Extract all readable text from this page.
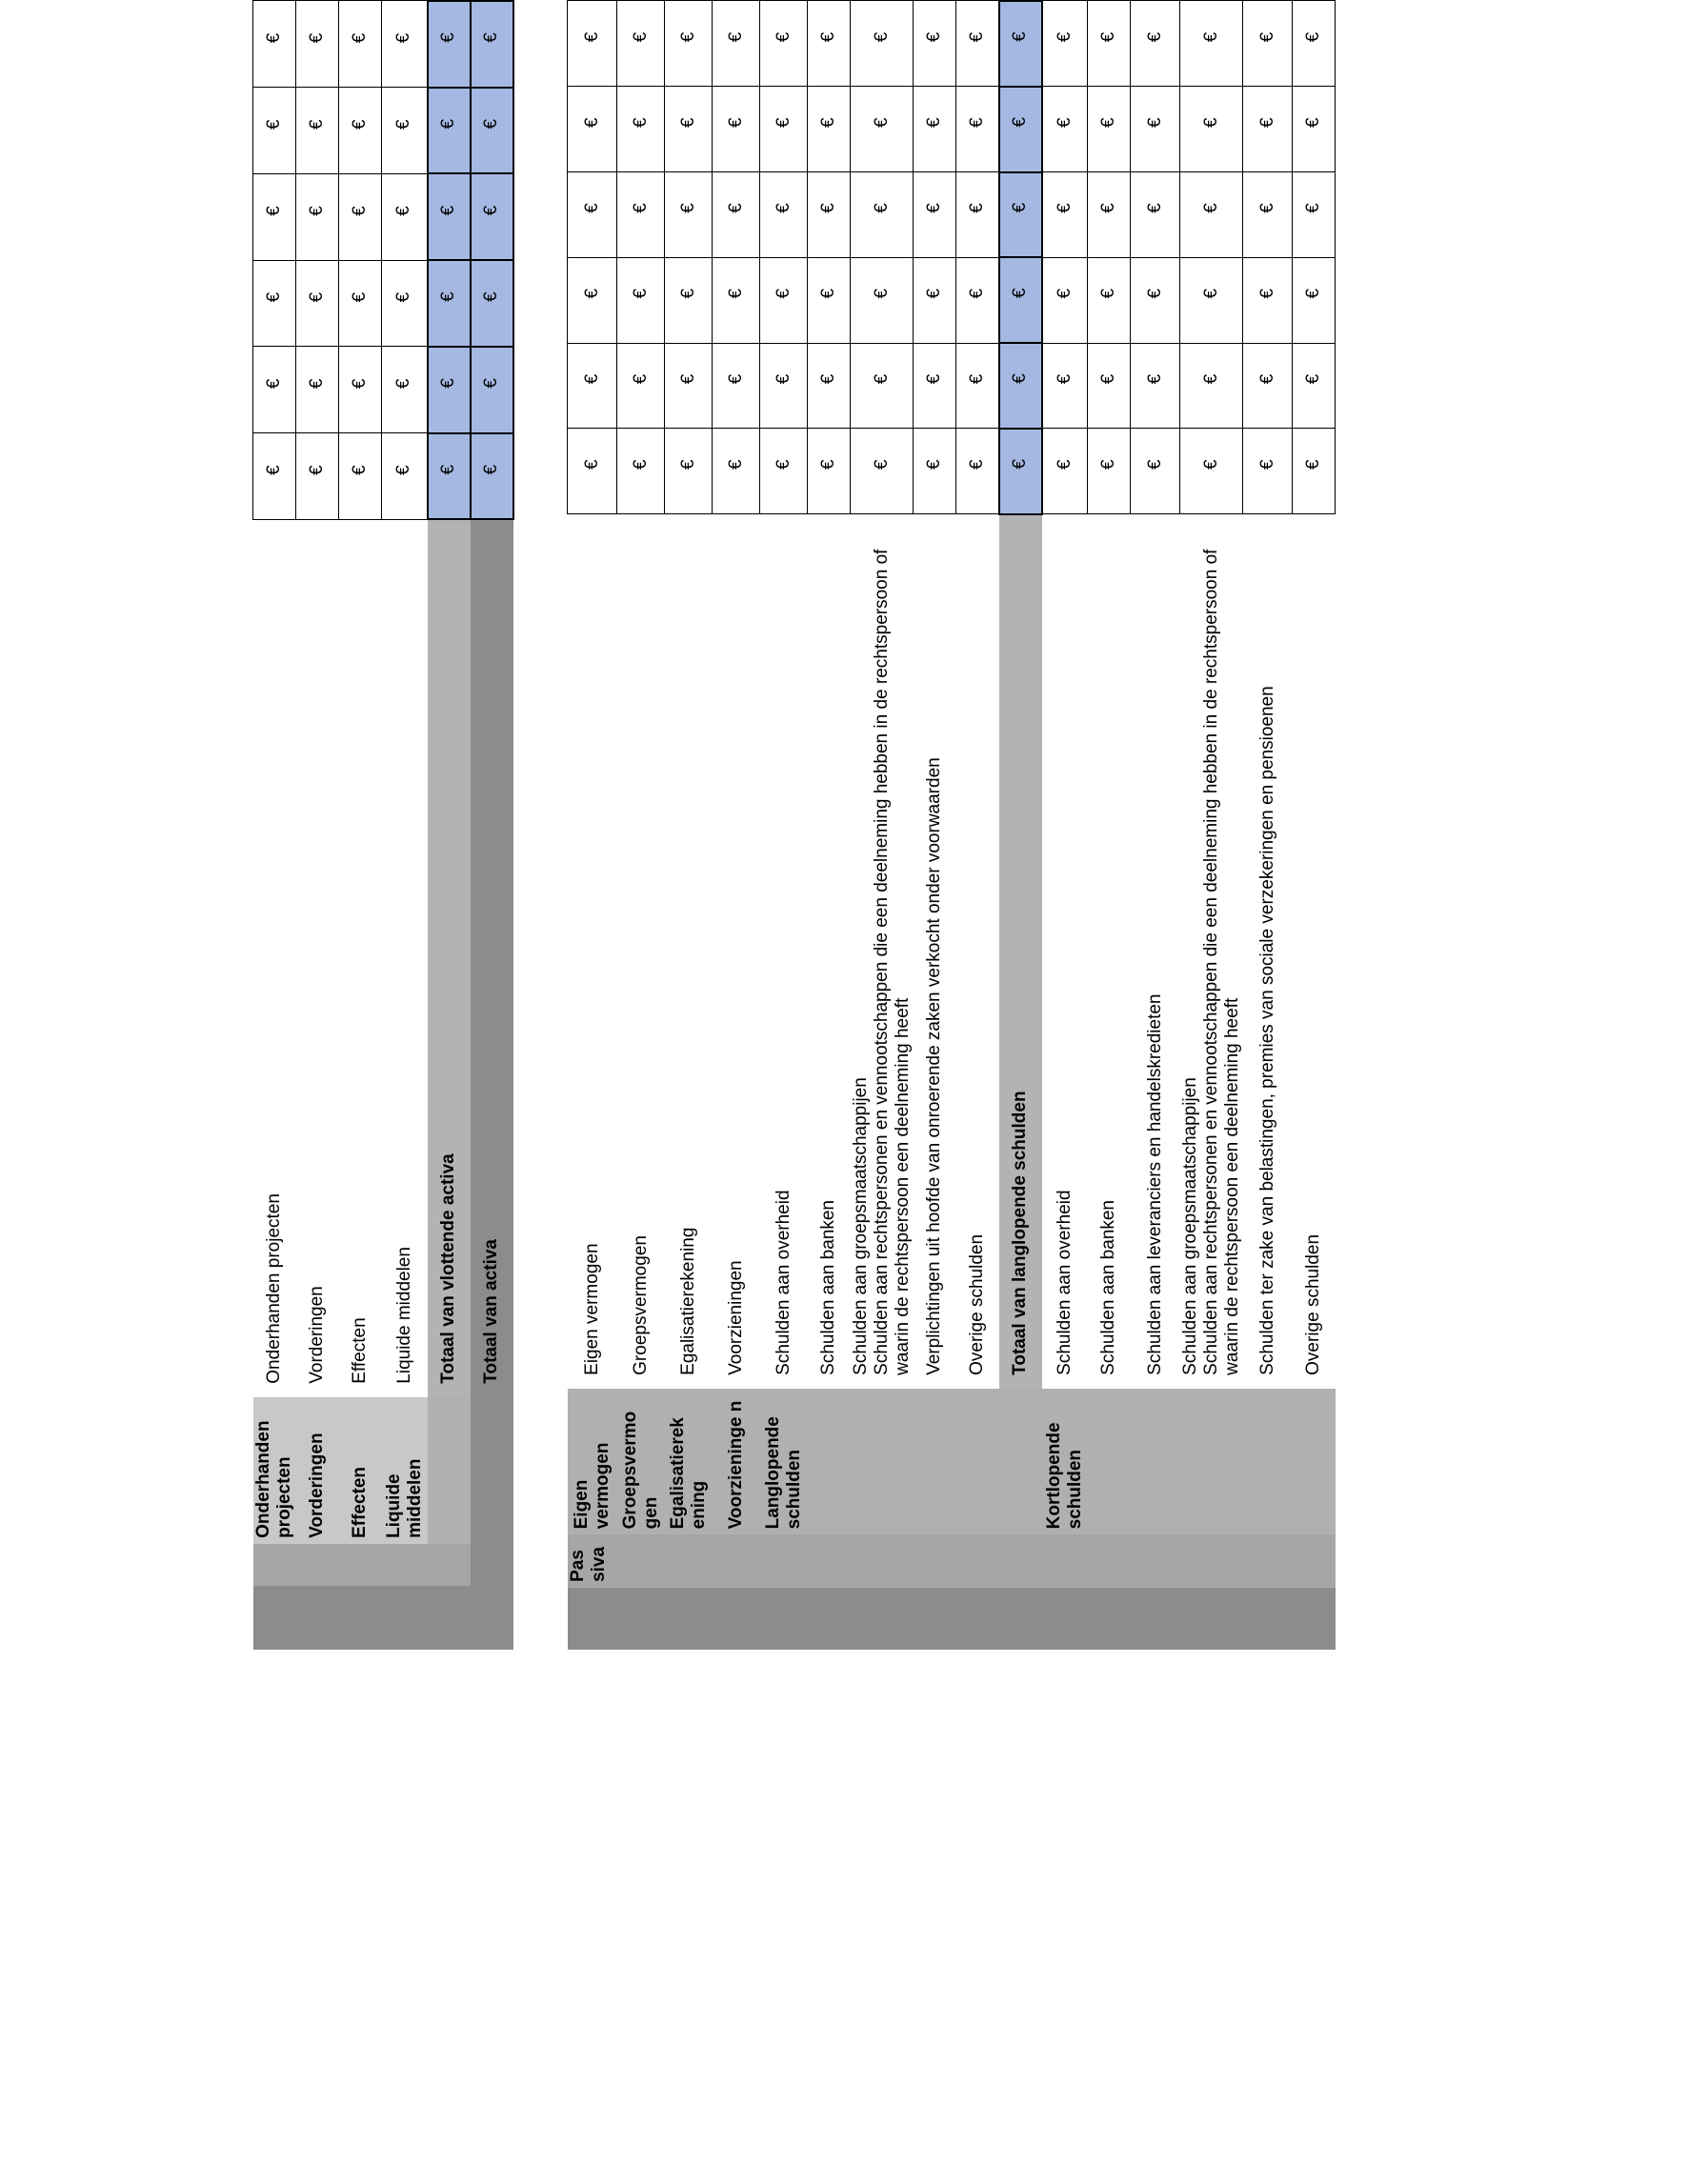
		Onderhanden projecten	Onderhanden projecten	€	€	€	€	€	€
		Vorderingen	Vorderingen	€	€	€	€	€	€
		Effecten	Effecten	€	€	€	€	€	€
		Liquide middelen	Liquide middelen	€	€	€	€	€	€
			Totaal van vlottende activa	€	€	€	€	€	€
			Totaal van activa	€	€	€	€	€	€
	Pas siva	Eigen vermogen	Eigen vermogen	€	€	€	€	€	€
		Groepsvermo gen	Groepsvermogen	€	€	€	€	€	€
		Egalisatierek ening	Egalisatierekening	€	€	€	€	€	€
		Voorzieninge n	Voorzieningen	€	€	€	€	€	€
		Langlopende schulden	Schulden aan overheid	€	€	€	€	€	€
			Schulden aan banken	€	€	€	€	€	€
			Schulden aan groepsmaatschappijen
Schulden aan rechtspersonen en vennootschappen die een deelneming hebben in de rechtspersoon of waarin de rechtspersoon een deelneming heeft	€	€	€	€	€	€
			Verplichtingen uit hoofde van onroerende zaken verkocht onder voorwaarden	€	€	€	€	€	€
			Overige schulden	€	€	€	€	€	€
			Totaal van langlopende schulden	€	€	€	€	€	€
		Kortlopende schulden	Schulden aan overheid	€	€	€	€	€	€
			Schulden aan banken	€	€	€	€	€	€
			Schulden aan leveranciers en handelskredieten	€	€	€	€	€	€
			Schulden aan groepsmaatschappijen
Schulden aan rechtspersonen en vennootschappen die een deelneming hebben in de rechtspersoon of waarin de rechtspersoon een deelneming heeft	€	€	€	€	€	€
			Schulden ter zake van belastingen, premies van sociale verzekeringen en pensioenen	€	€	€	€	€	€
			Overige schulden	€	€	€	€	€	€
